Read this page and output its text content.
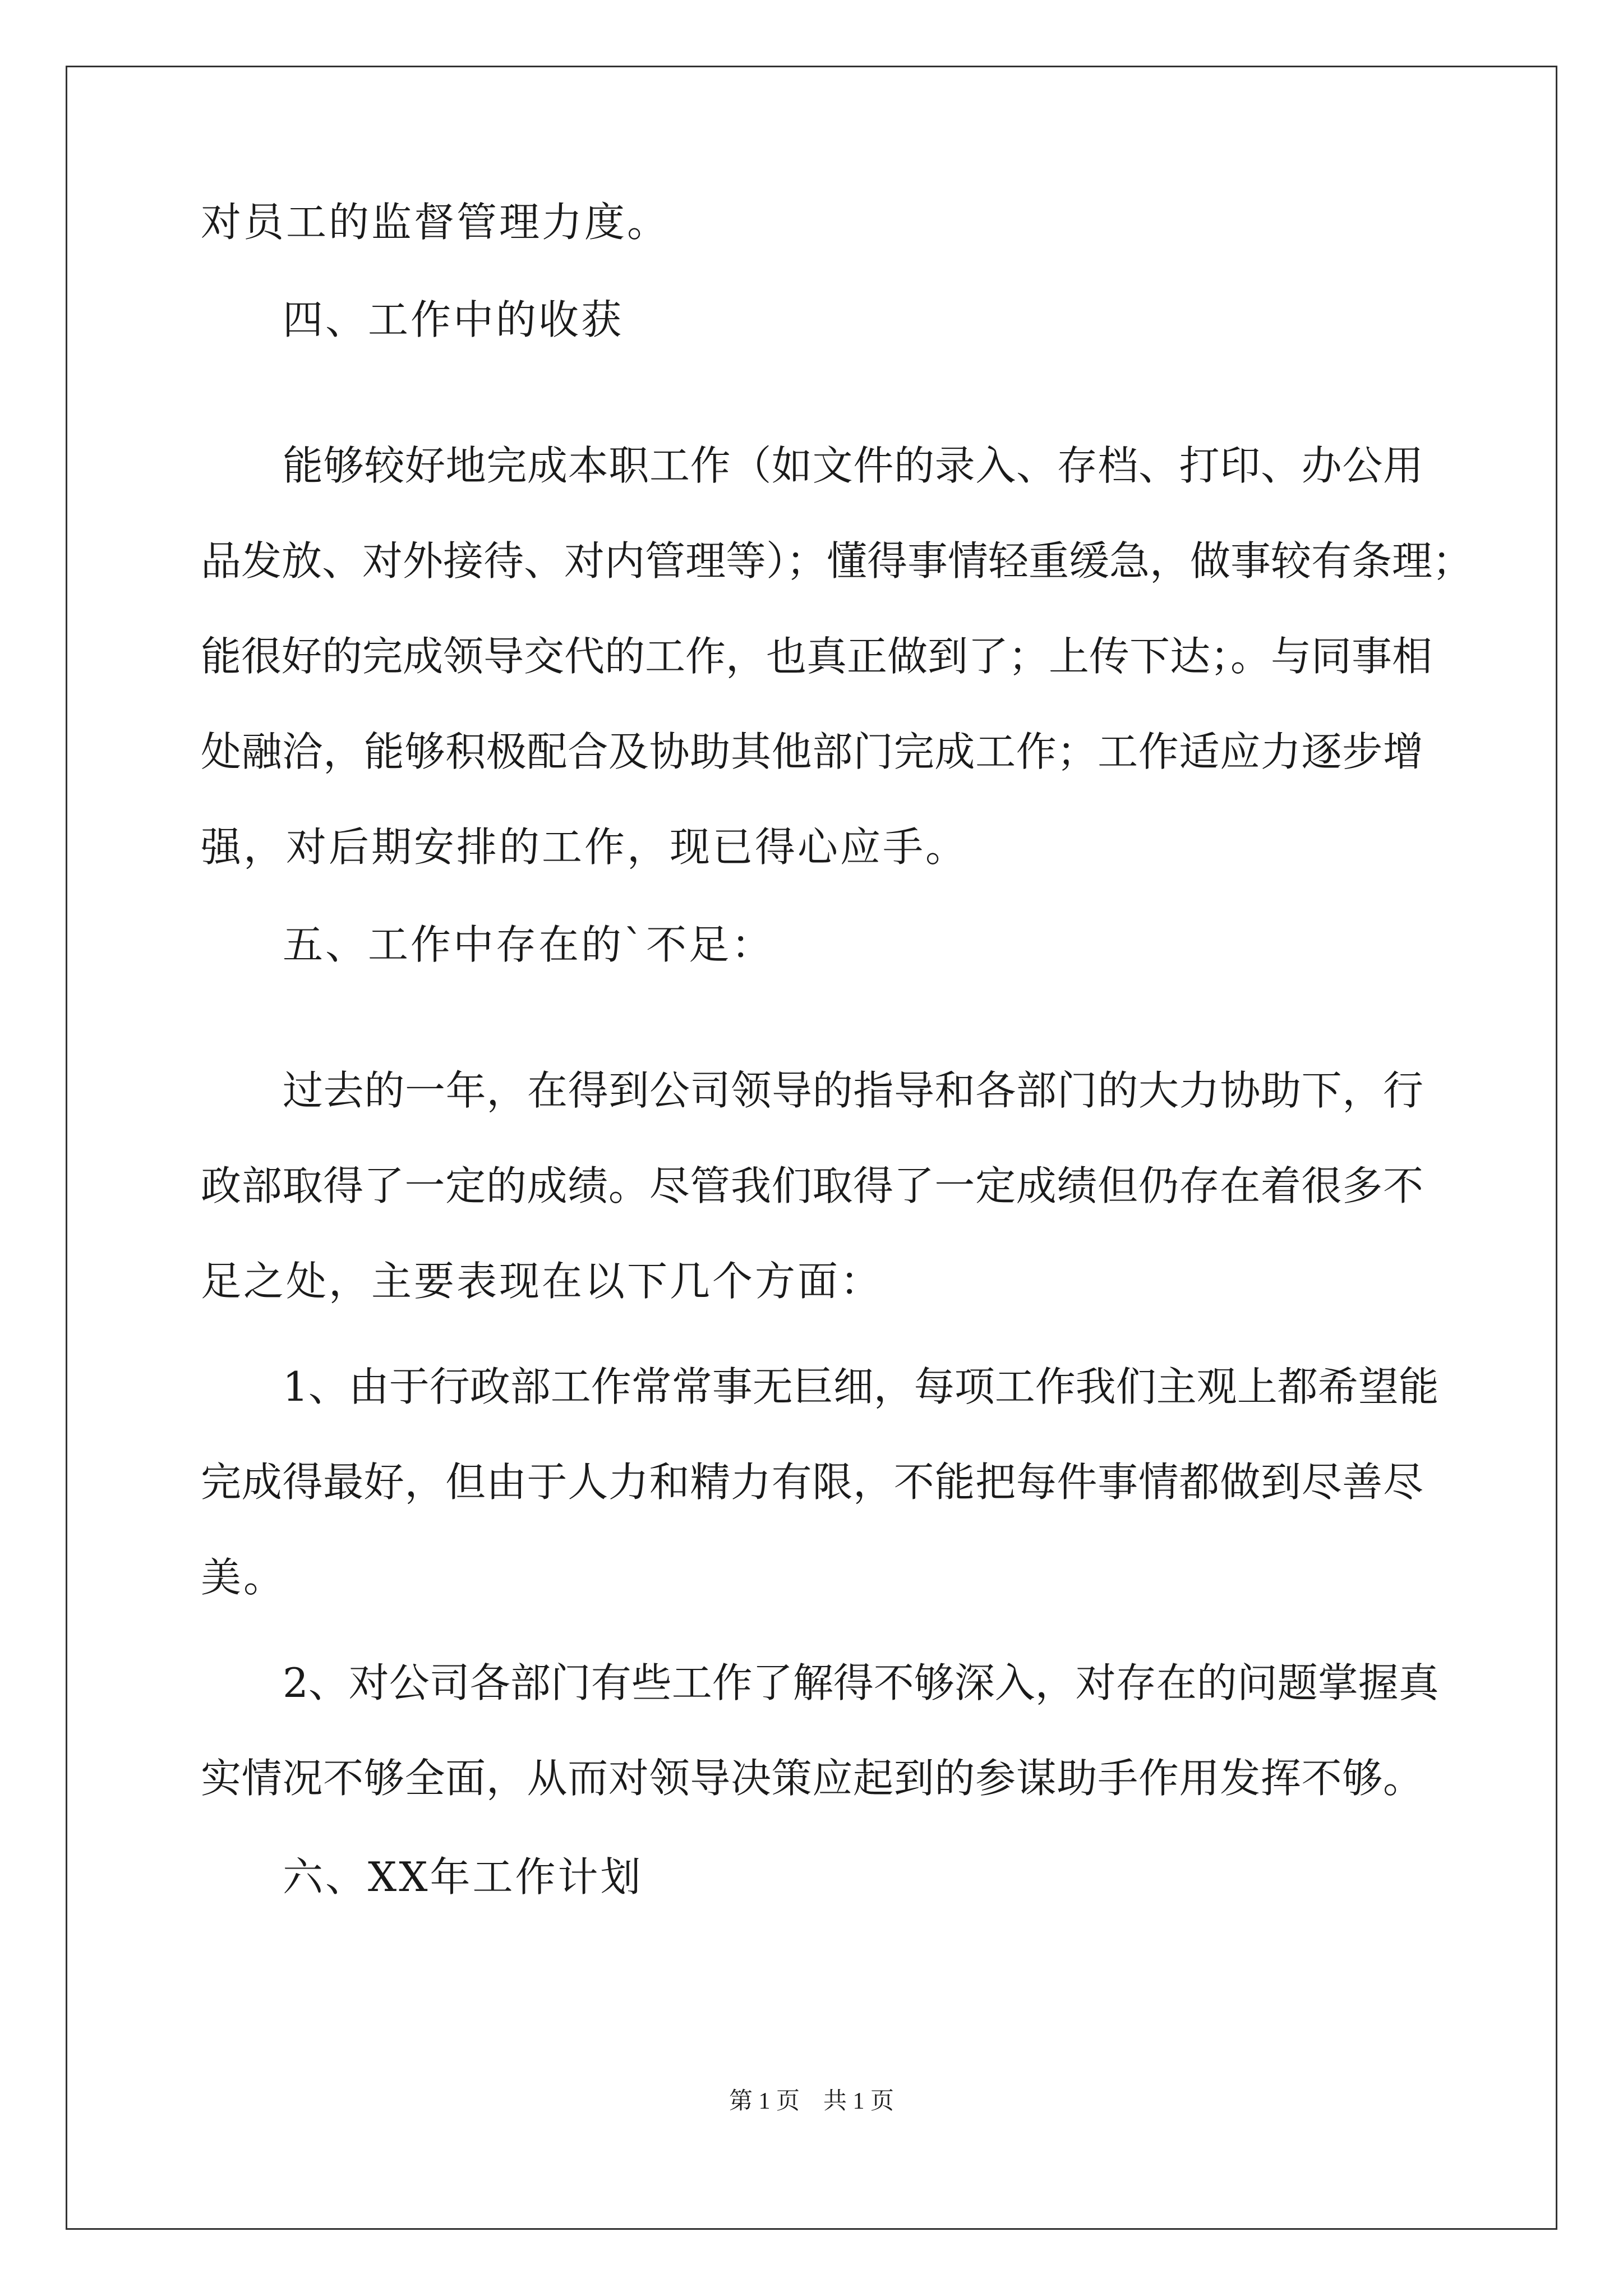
对员工的监督管理力度。
四、工作中的收获
能够较好地完成本职工作（如文件的录入、存档、打印、办公用
品发放、对外接待、对内管理等）；懂得事情轻重缓急，做事较有条理；
能很好的完成领导交代的工作，也真正做到了；上传下达；。与同事相
处融洽，能够积极配合及协助其他部门完成工作；工作适应力逐步增
强，对后期安排的工作，现已得心应手。
五、工作中存在的`不足：
过去的一年，在得到公司领导的指导和各部门的大力协助下，行
政部取得了一定的成绩。尽管我们取得了一定成绩但仍存在着很多不
足之处，主要表现在以下几个方面：
1、由于行政部工作常常事无巨细，每项工作我们主观上都希望能
完成得最好，但由于人力和精力有限，不能把每件事情都做到尽善尽
美。
2、对公司各部门有些工作了解得不够深入，对存在的问题掌握真
实情况不够全面，从而对领导决策应起到的参谋助手作用发挥不够。
六、XX年工作计划
第 1 页    共 1 页
